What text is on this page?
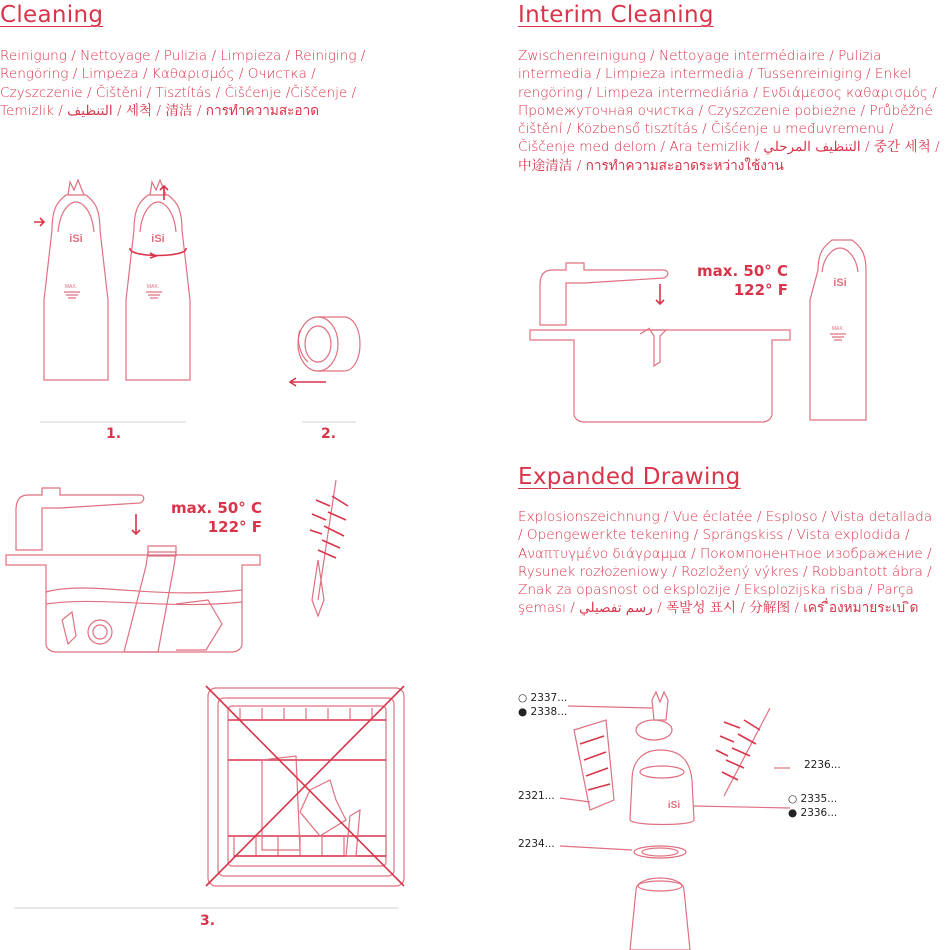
Cleaning
Reinigung / Nettoyage / Pulizia / Limpieza / Reiniging / Rengöring / Limpeza / Καθαρισμός / Очистка / Czyszczenie / Čištění / Tisztítás / Čišćenje /Čiščenje / Temizlik / التنظيف / 세척 / 清洁 / การทำความสะอาด
Interim Cleaning
Zwischenreinigung / Nettoyage intermédiaire / Pulizia intermedia / Limpieza intermedia / Tussenreiniging / Enkel rengöring / Limpeza intermediária / Ενδιάμεσος καθαρισμός / Промежуточная очистка / Czyszczenie pobieżne / Průběžné čištění / Közbenső tisztítás / Čišćenje u međuvremenu / Čiščenje med delom / Ara temizlik / التنظيف المرحلي / 중간 세척 / 中途清洁 / การทำความสะอาดระหว่างใช้งาน
Expanded Drawing
Explosionszeichnung / Vue éclatée / Esploso / Vista detallada / Opengewerkte tekening / Sprängskiss / Vista explodida / Αναπτυγμένο διάγραμμα / Покомпонентное изображение / Rysunek rozłożeniowy / Rozložený výkres / Robbantott ábra / Znak za opasnost od eksplozije / Eksplozijska risba / Parça şeması / رسم تفصيلي / 폭발성 표시 / 分解图 / เคร ื่องหมายระเบ ิด
iSi
MAX.
iSi
MAX.
1.	2.
max. 50° C
122° F
3.
iSi
MAX.
max. 50° C
122° F
iSi
○ 2337...
● 2338...
2321...
2236...
○ 2335...
● 2336...
2234...
